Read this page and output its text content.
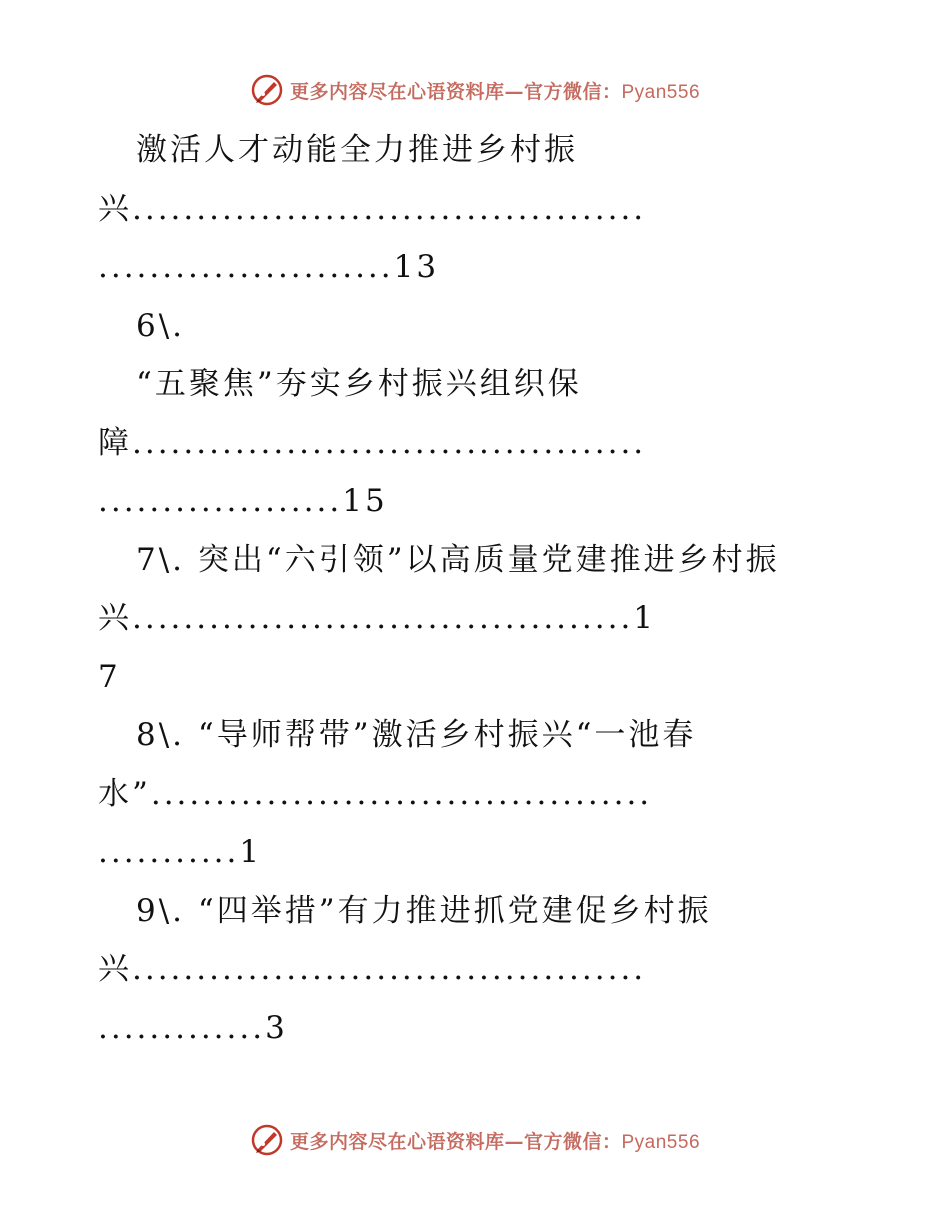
更多内容尽在心语资料库—官方微信：Pyan556
激活人才动能全力推进乡村振
兴........................................
.......................13
6\.
“五聚焦”夯实乡村振兴组织保
障........................................
...................15
7\. 突出“六引领”以高质量党建推进乡村振
兴.......................................1
7
8\. “导师帮带”激活乡村振兴“一池春
水”.......................................
...........1
9\. “四举措”有力推进抓党建促乡村振
兴........................................
.............3
更多内容尽在心语资料库—官方微信：Pyan556
